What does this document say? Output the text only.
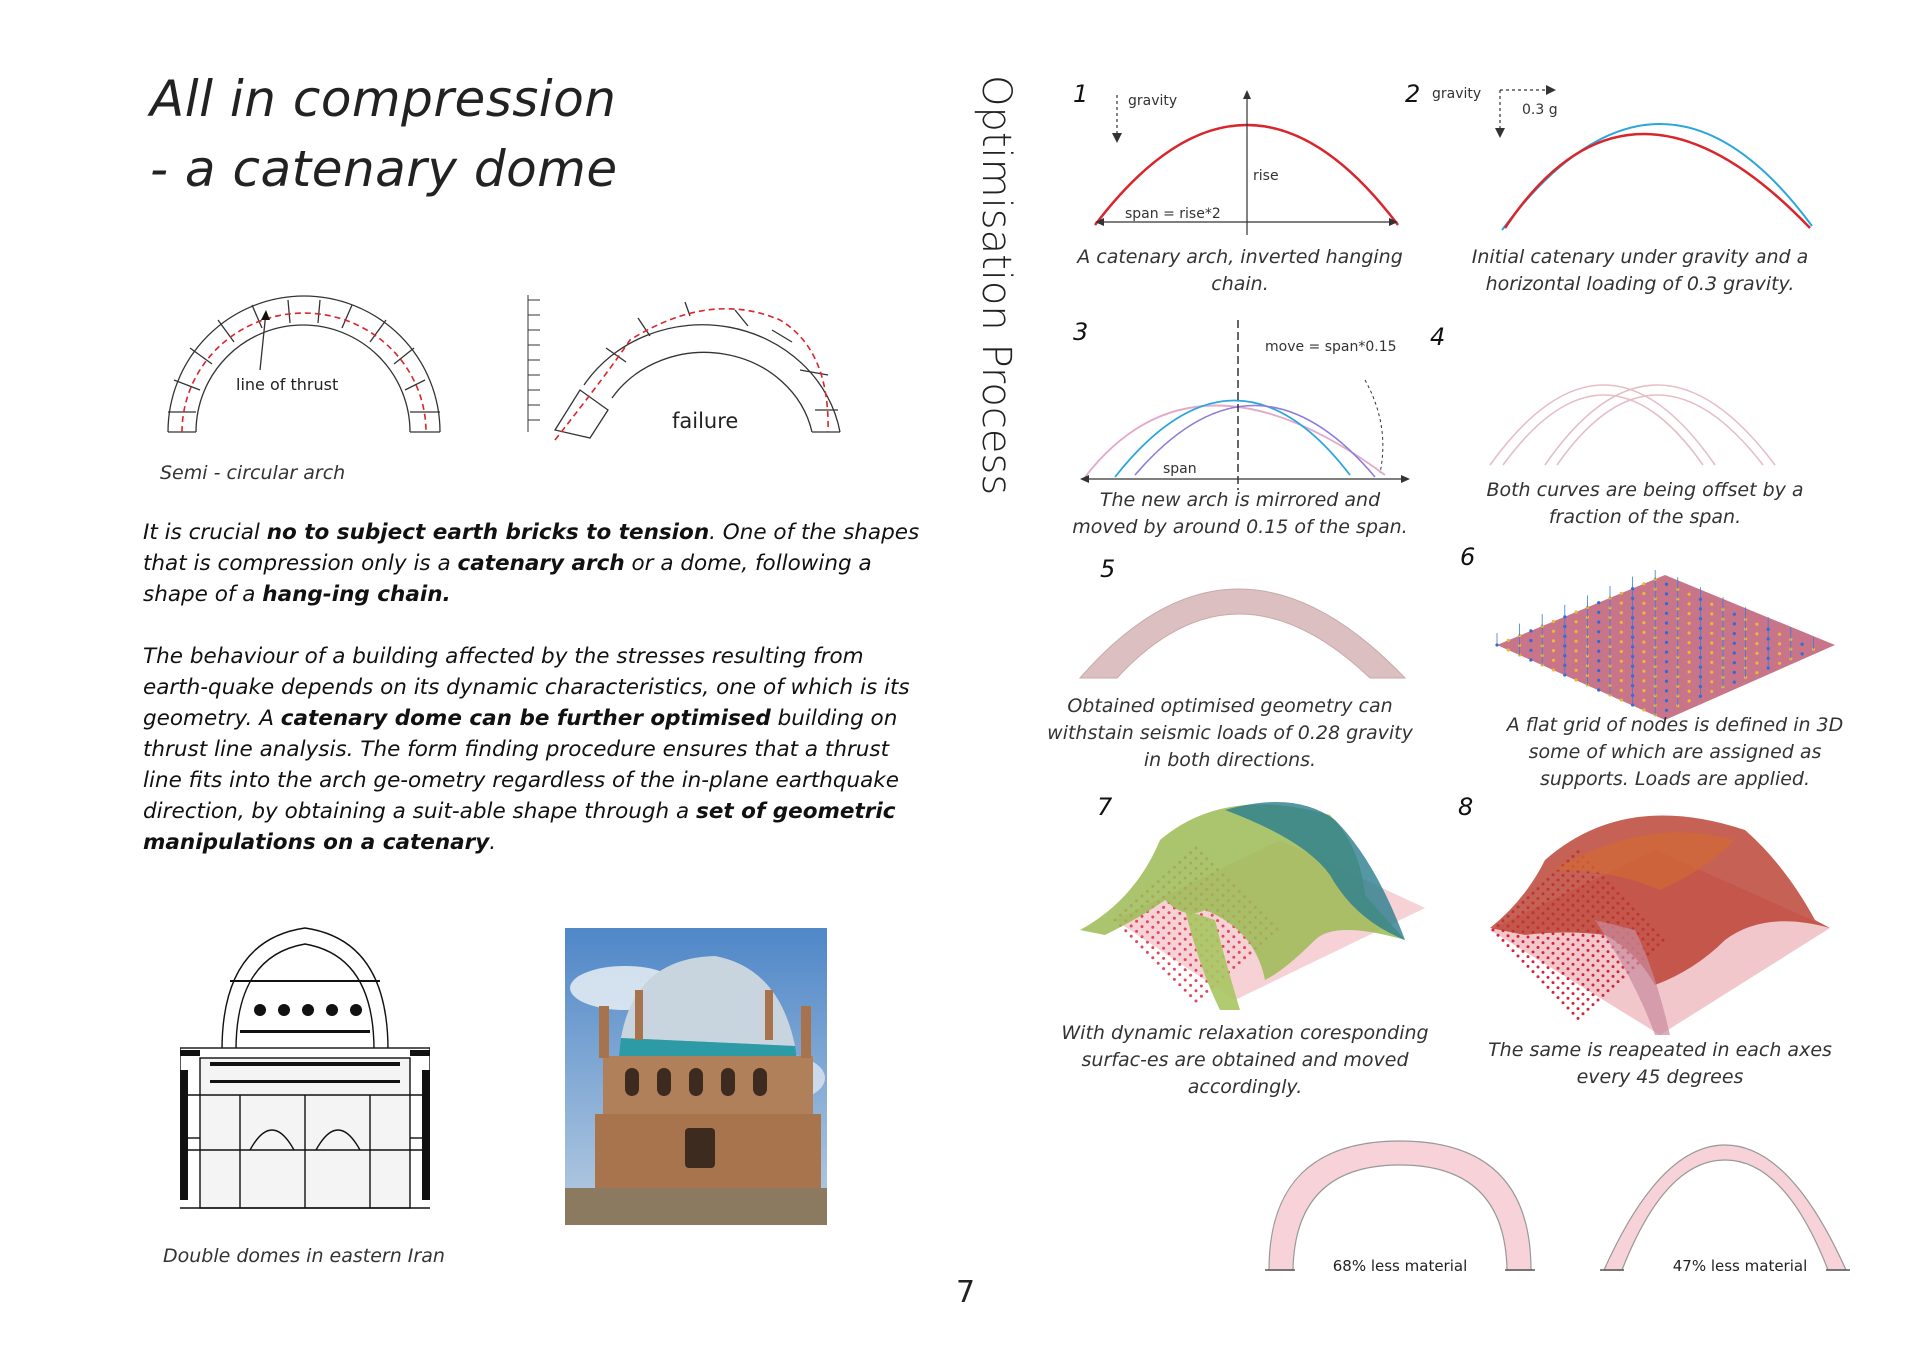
All in compression
- a catenary dome
line of thrust
failure
Semi - circular arch
It is crucial no to subject earth bricks to tension. One of the shapes that is compression only is a catenary arch or a dome, following a shape of a hang-ing chain.
The behaviour of a building affected by the stresses resulting from earth-quake depends on its dynamic characteristics, one of which is its geometry. A catenary dome can be further optimised building on thrust line analysis. The form finding procedure ensures that a thrust line fits into the arch ge-ometry regardless of the in-plane earthquake direction, by obtaining a suit-able shape through a set of geometric manipulations on a catenary.
Double domes in eastern Iran
7
Optimisation Process 1	gravity
rise
span = rise*2
A catenary arch, inverted hanging chain.
2 gravity
0.3 g
Initial catenary under gravity and a horizontal loading of 0.3 gravity.
3
move = span*0.15
span
The new arch is mirrored and moved by around 0.15 of the span.
4
Both curves are being offset by a fraction of the span.
5
Obtained optimised geometry can withstain seismic loads of 0.28 gravity in both directions.
6
A flat grid of nodes is defined in 3D some of which are assigned as supports. Loads are applied.
7
With dynamic relaxation coresponding surfac-es are obtained and moved accordingly.
8
The same is reapeated in each axes every 45 degrees
68% less material	47% less material
